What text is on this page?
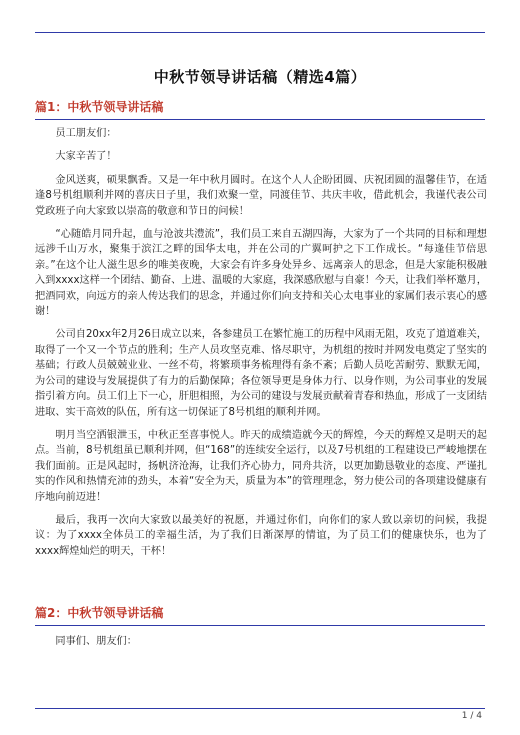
中秋节领导讲话稿（精选4篇）
篇1：中秋节领导讲话稿

员工朋友们：

大家辛苦了！

金风送爽，硕果飘香。又是一年中秋月圆时。在这个人人企盼团圆、庆祝团圆的温馨佳节，在适逢8号机组顺利并网的喜庆日子里，我们欢聚一堂，同渡佳节、共庆丰收，借此机会，我谨代表公司党政班子向大家致以崇高的敬意和节日的问候！

“心随皓月同升起，血与沧波共澧流”，我们员工来自五湖四海，大家为了一个共同的目标和理想远涉千山万水，聚集于滨江之畔的国华太电，并在公司的广翼呵护之下工作成长。“每逢佳节倍思亲。”在这个让人滋生思乡的唯美夜晚，大家会有许多身处异乡、远离亲人的思念，但是大家能积极融入到xxxx这样一个团结、勤奋、上进、温暖的大家庭，我深感欣慰与自豪！今天，让我们举杯邀月，把酒同欢，向远方的亲人传达我们的思念，并通过你们向支持和关心太电事业的家属们表示衷心的感谢！

公司自20xx年2月26日成立以来，各参建员工在繁忙施工的历程中风雨无阻，攻克了道道难关，取得了一个又一个节点的胜利；生产人员攻坚克难、恪尽职守，为机组的按时并网发电奠定了坚实的基础；行政人员兢兢业业、一丝不苟，将繁琐事务梳理得有条不紊；后勤人员吃苦耐劳、默默无闻，为公司的建设与发展提供了有力的后勤保障；各位领导更是身体力行、以身作则，为公司事业的发展指引着方向。员工们上下一心，肝胆相照，为公司的建设与发展贡献着青春和热血，形成了一支团结进取、实干高效的队伍，所有这一切保证了8号机组的顺利并网。

明月当空洒银泄玉，中秋正至喜事悦人。昨天的成绩造就今天的辉煌，今天的辉煌又是明天的起点。当前，8号机组虽已顺利并网，但“168”的连续安全运行，以及7号机组的工程建设已严峻地摆在我们面前。正是风起时，扬帆济沧海，让我们齐心协力，同舟共济，以更加勤恳敬业的态度、严谨扎实的作风和热情充沛的劲头，本着“安全为天，质量为本”的管理理念，努力使公司的各项建设健康有序地向前迈进！

最后，我再一次向大家致以最美好的祝愿，并通过你们，向你们的家人致以亲切的问候，我提议：为了xxxx全体员工的幸福生活，为了我们日渐深厚的情谊，为了员工们的健康快乐，也为了xxxx辉煌灿烂的明天，干杯！

篇2：中秋节领导讲话稿

同事们、朋友们：

1 / 4
